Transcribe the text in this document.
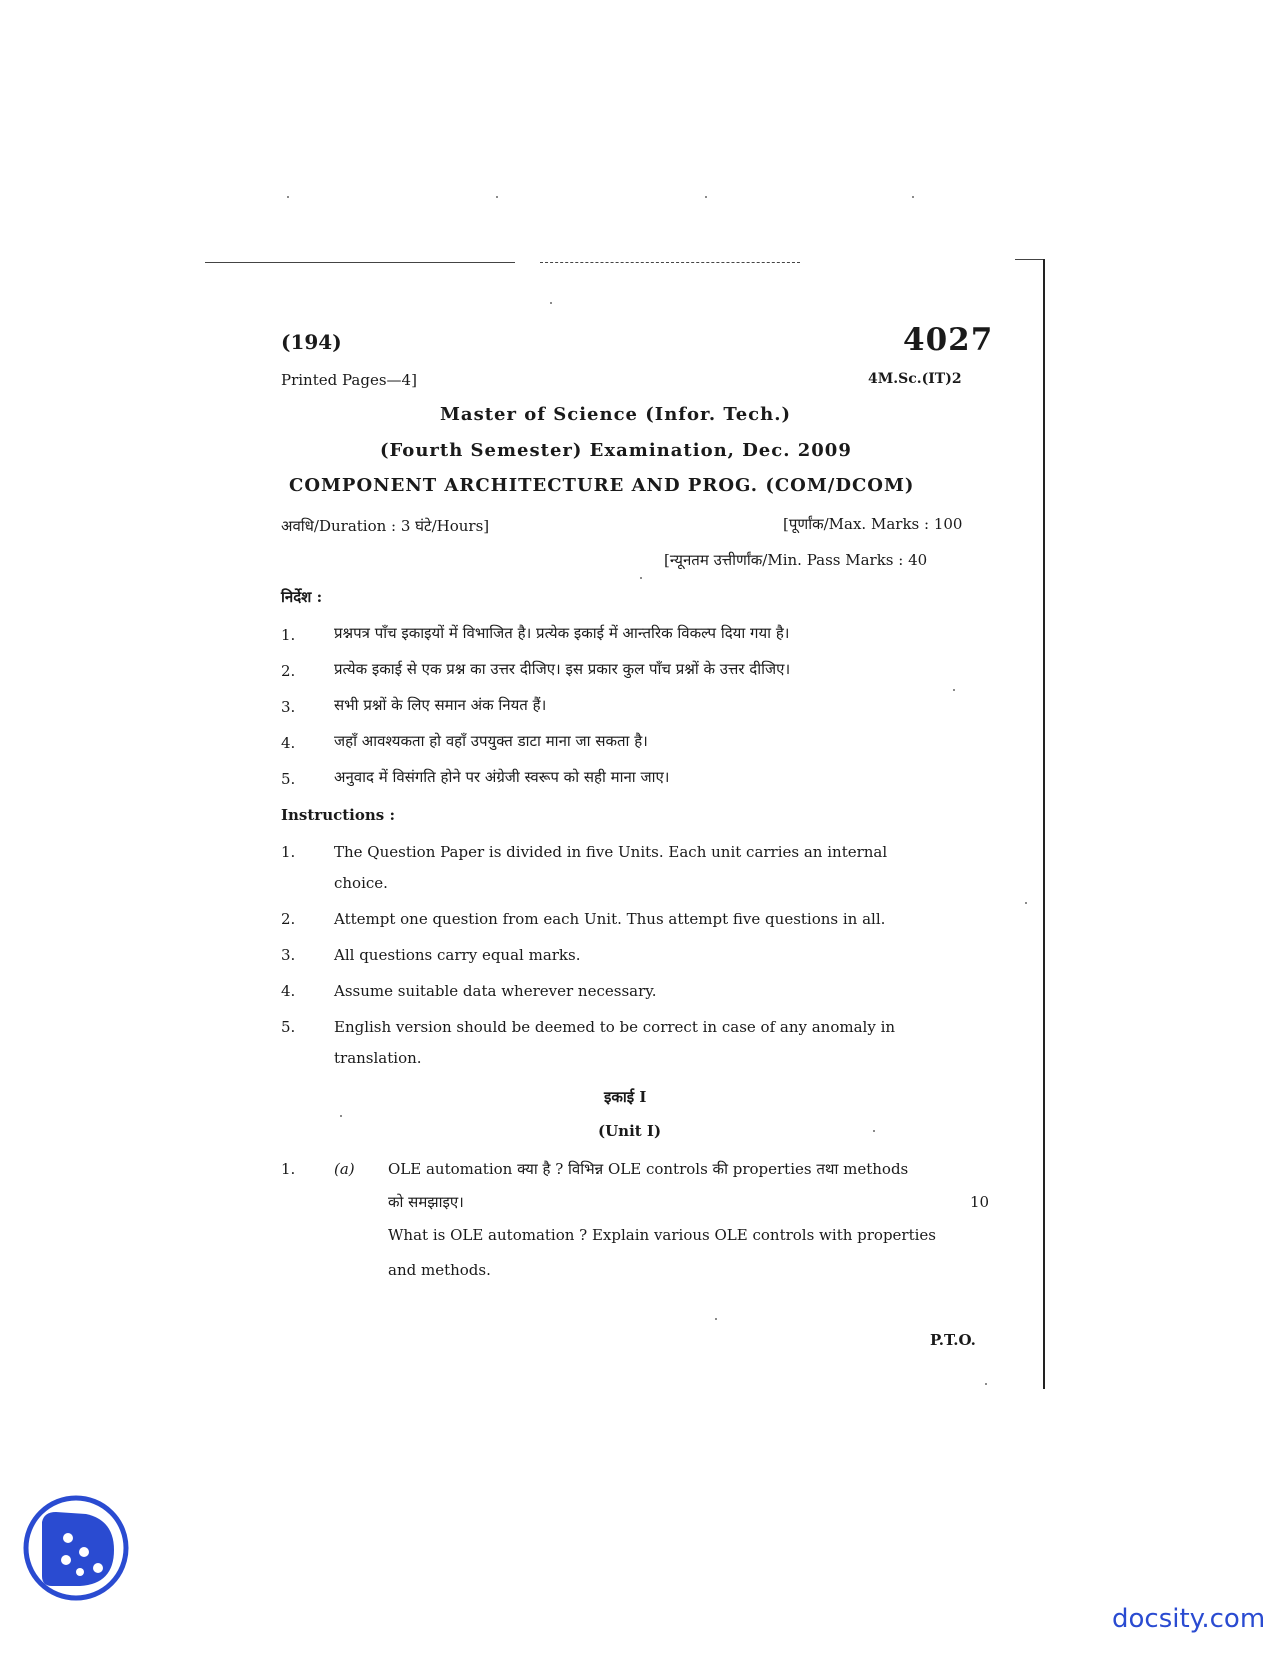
(194)	4027
Printed Pages—4]	4M.Sc.(IT)2
Master of Science (Infor. Tech.)
(Fourth Semester) Examination, Dec. 2009
COMPONENT ARCHITECTURE AND PROG. (COM/DCOM)
अवधि/Duration : 3 घंटे/Hours]	[पूर्णांक/Max. Marks : 100
[न्यूनतम उत्तीर्णांक/Min. Pass Marks : 40
निर्देश :
1.	प्रश्नपत्र पाँच इकाइयों में विभाजित है। प्रत्येक इकाई में आन्तरिक विकल्प दिया गया है।
2.	प्रत्येक इकाई से एक प्रश्न का उत्तर दीजिए। इस प्रकार कुल पाँच प्रश्नों के उत्तर दीजिए।
3.	सभी प्रश्नों के लिए समान अंक नियत हैं।
4.	जहाँ आवश्यकता हो वहाँ उपयुक्त डाटा माना जा सकता है।
5.	अनुवाद में विसंगति होने पर अंग्रेजी स्वरूप को सही माना जाए।
Instructions :
1.	The Question Paper is divided in five Units. Each unit carries an internal
choice.
2.	Attempt one question from each Unit. Thus attempt five questions in all.
3.	All questions carry equal marks.
4.	Assume suitable data wherever necessary.
5.	English version should be deemed to be correct in case of any anomaly in
translation.
इकाई I
(Unit I)
1.	(a) OLE automation क्या है ? विभिन्न OLE controls की properties तथा methods
को समझाइए।	10
What is OLE automation ? Explain various OLE controls with properties
and methods.
P.T.O.
docsity.com
